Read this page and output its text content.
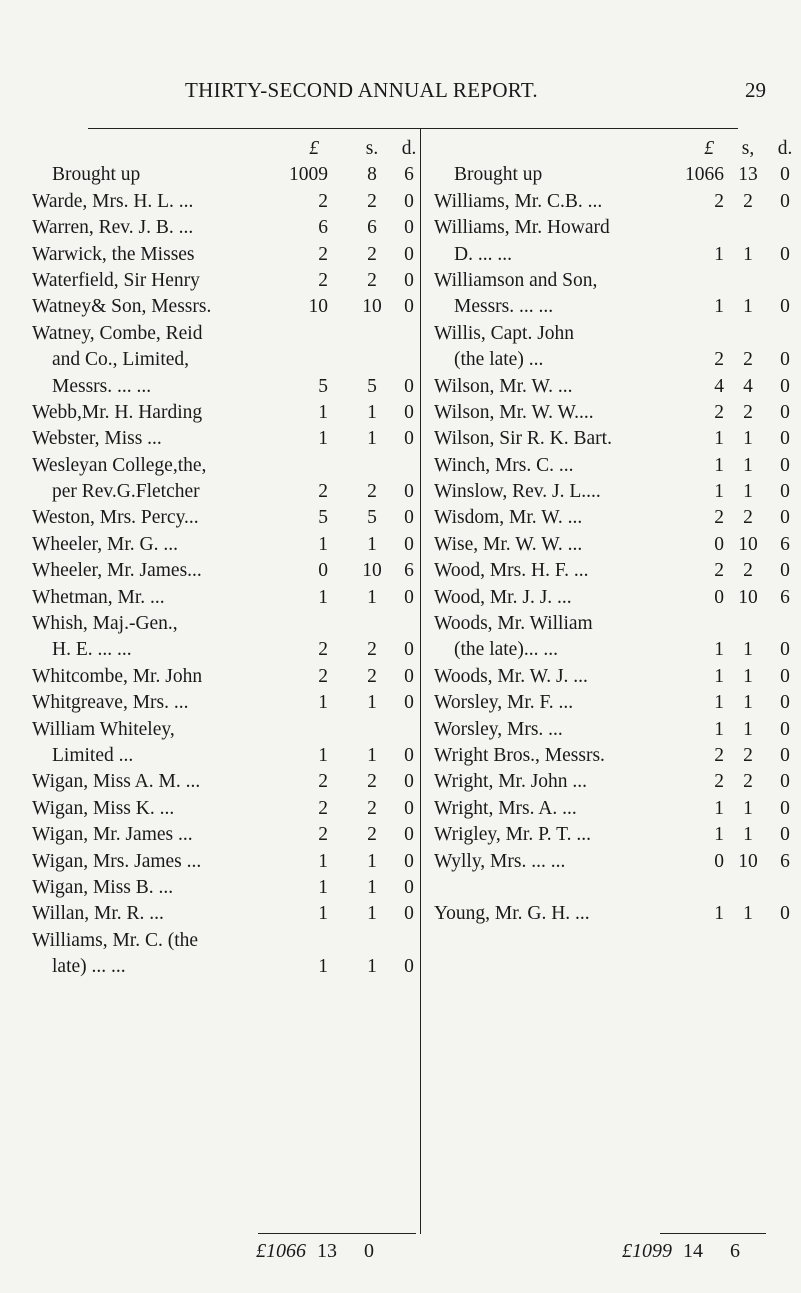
THIRTY-SECOND ANNUAL REPORT.	29
£	s.	d.
Brought up	1009	8	6
Warde, Mrs. H. L. ...	2	2	0
Warren, Rev. J. B. ...	6	6	0
Warwick, the Misses	2	2	0
Waterfield, Sir Henry	2	2	0
Watney& Son, Messrs.	10	10	0
Watney, Combe, Reid
and Co., Limited,
Messrs. ... ...	5	5	0
Webb,Mr. H. Harding	1	1	0
Webster, Miss ...	1	1	0
Wesleyan College,the,
per Rev.G.Fletcher	2	2	0
Weston, Mrs. Percy...	5	5	0
Wheeler, Mr. G. ...	1	1	0
Wheeler, Mr. James...	0	10	6
Whetman, Mr. ...	1	1	0
Whish, Maj.-Gen.,
H. E. ... ...	2	2	0
Whitcombe, Mr. John	2	2	0
Whitgreave, Mrs. ...	1	1	0
William Whiteley,
Limited ...	1	1	0
Wigan, Miss A. M. ...	2	2	0
Wigan, Miss K. ...	2	2	0
Wigan, Mr. James ...	2	2	0
Wigan, Mrs. James ...	1	1	0
Wigan, Miss B. ...	1	1	0
Willan, Mr. R. ...	1	1	0
Williams, Mr. C. (the
late) ... ...	1	1	0
£	s,	d.
Brought up	1066 13	0
Williams, Mr. C.B. ...	2 2	0
Williams, Mr. Howard
D. ... ...	1 1	0
Williamson and Son,
Messrs. ... ...	1 1	0
Willis, Capt. John
(the late) ...	2 2	0
Wilson, Mr. W. ...	4 4	0
Wilson, Mr. W. W....	2 2	0
Wilson, Sir R. K. Bart.	1 1	0
Winch, Mrs. C. ...	1 1	0
Winslow, Rev. J. L....	1 1	0
Wisdom, Mr. W. ...	2 2	0
Wise, Mr. W. W. ...	0 10	6
Wood, Mrs. H. F. ...	2 2	0
Wood, Mr. J. J. ...	0 10	6
Woods, Mr. William
(the late)... ...	1 1	0
Woods, Mr. W. J. ...	1 1	0
Worsley, Mr. F. ...	1 1	0
Worsley, Mrs. ...	1 1	0
Wright Bros., Messrs.	2 2	0
Wright, Mr. John ...	2 2	0
Wright, Mrs. A. ...	1 1	0
Wrigley, Mr. P. T. ...	1 1	0
Wylly, Mrs. ... ...	0 10	6
Young, Mr. G. H. ...	1 1	0
£1066 13 0	£1099 14 6
